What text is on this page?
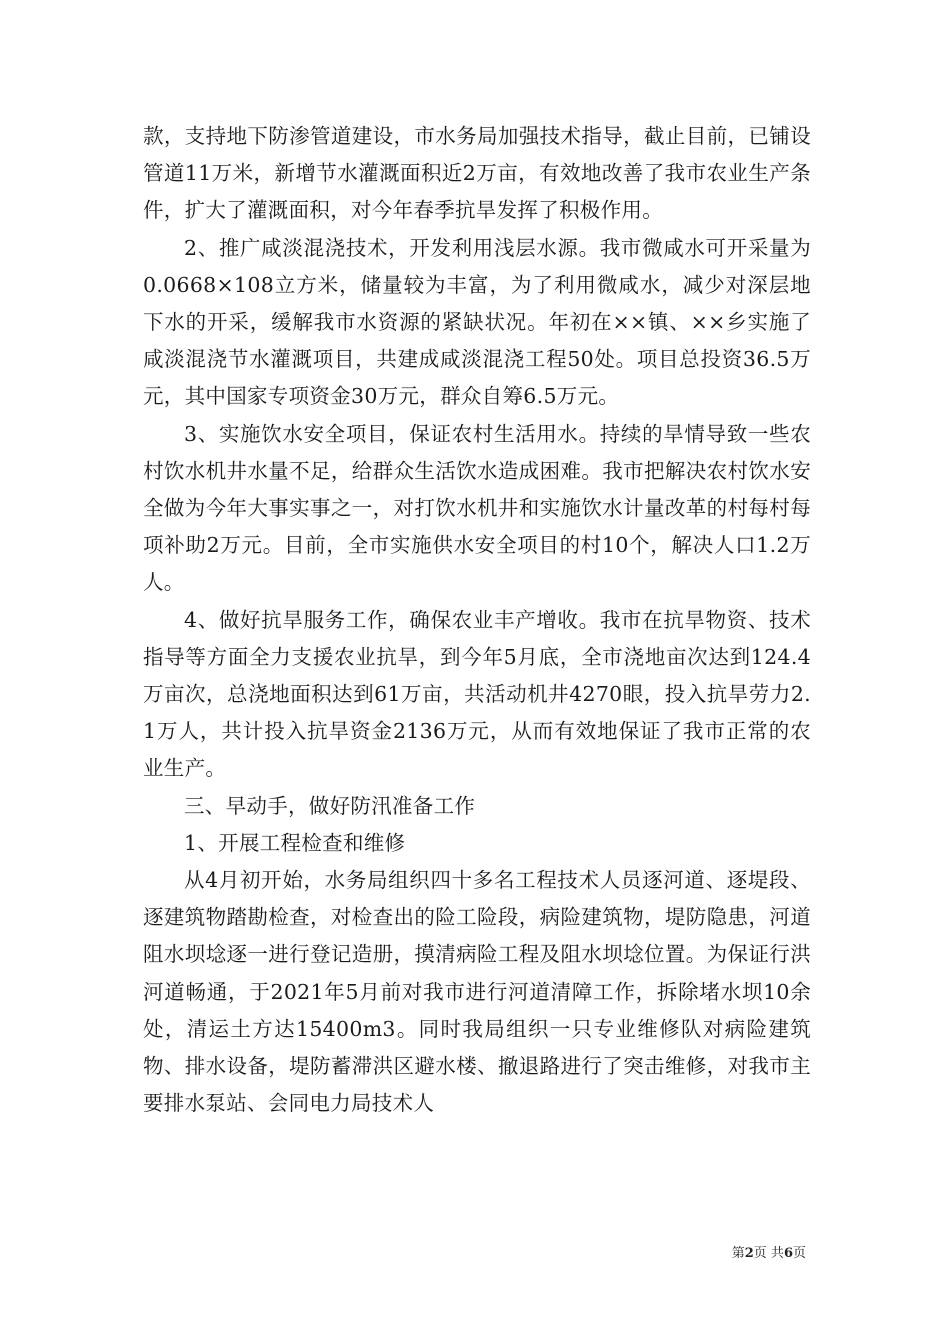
款，支持地下防渗管道建设，市水务局加强技术指导，截止目前，已铺设管道11万米，新增节水灌溉面积近2万亩，有效地改善了我市农业生产条件，扩大了灌溉面积，对今年春季抗旱发挥了积极作用。

2、推广咸淡混浇技术，开发利用浅层水源。我市微咸水可开采量为0.0668×108立方米，储量较为丰富，为了利用微咸水，减少对深层地下水的开采，缓解我市水资源的紧缺状况。年初在××镇、××乡实施了咸淡混浇节水灌溉项目，共建成咸淡混浇工程50处。项目总投资36.5万元，其中国家专项资金30万元，群众自筹6.5万元。

3、实施饮水安全项目，保证农村生活用水。持续的旱情导致一些农村饮水机井水量不足，给群众生活饮水造成困难。我市把解决农村饮水安全做为今年大事实事之一，对打饮水机井和实施饮水计量改革的村每村每项补助2万元。目前，全市实施供水安全项目的村10个，解决人口1.2万人。

4、做好抗旱服务工作，确保农业丰产增收。我市在抗旱物资、技术指导等方面全力支援农业抗旱，到今年5月底，全市浇地亩次达到124.4万亩次，总浇地面积达到61万亩，共活动机井4270眼，投入抗旱劳力2.1万人，共计投入抗旱资金2136万元，从而有效地保证了我市正常的农业生产。

三、早动手，做好防汛准备工作

1、开展工程检查和维修

从4月初开始，水务局组织四十多名工程技术人员逐河道、逐堤段、逐建筑物踏勘检查，对检查出的险工险段，病险建筑物，堤防隐患，河道阻水坝埝逐一进行登记造册，摸清病险工程及阻水坝埝位置。为保证行洪河道畅通，于2021年5月前对我市进行河道清障工作，拆除堵水坝10余处，清运土方达15400m3。同时我局组织一只专业维修队对病险建筑物、排水设备，堤防蓄滞洪区避水楼、撤退路进行了突击维修，对我市主要排水泵站、会同电力局技术人

第2页 共6页
